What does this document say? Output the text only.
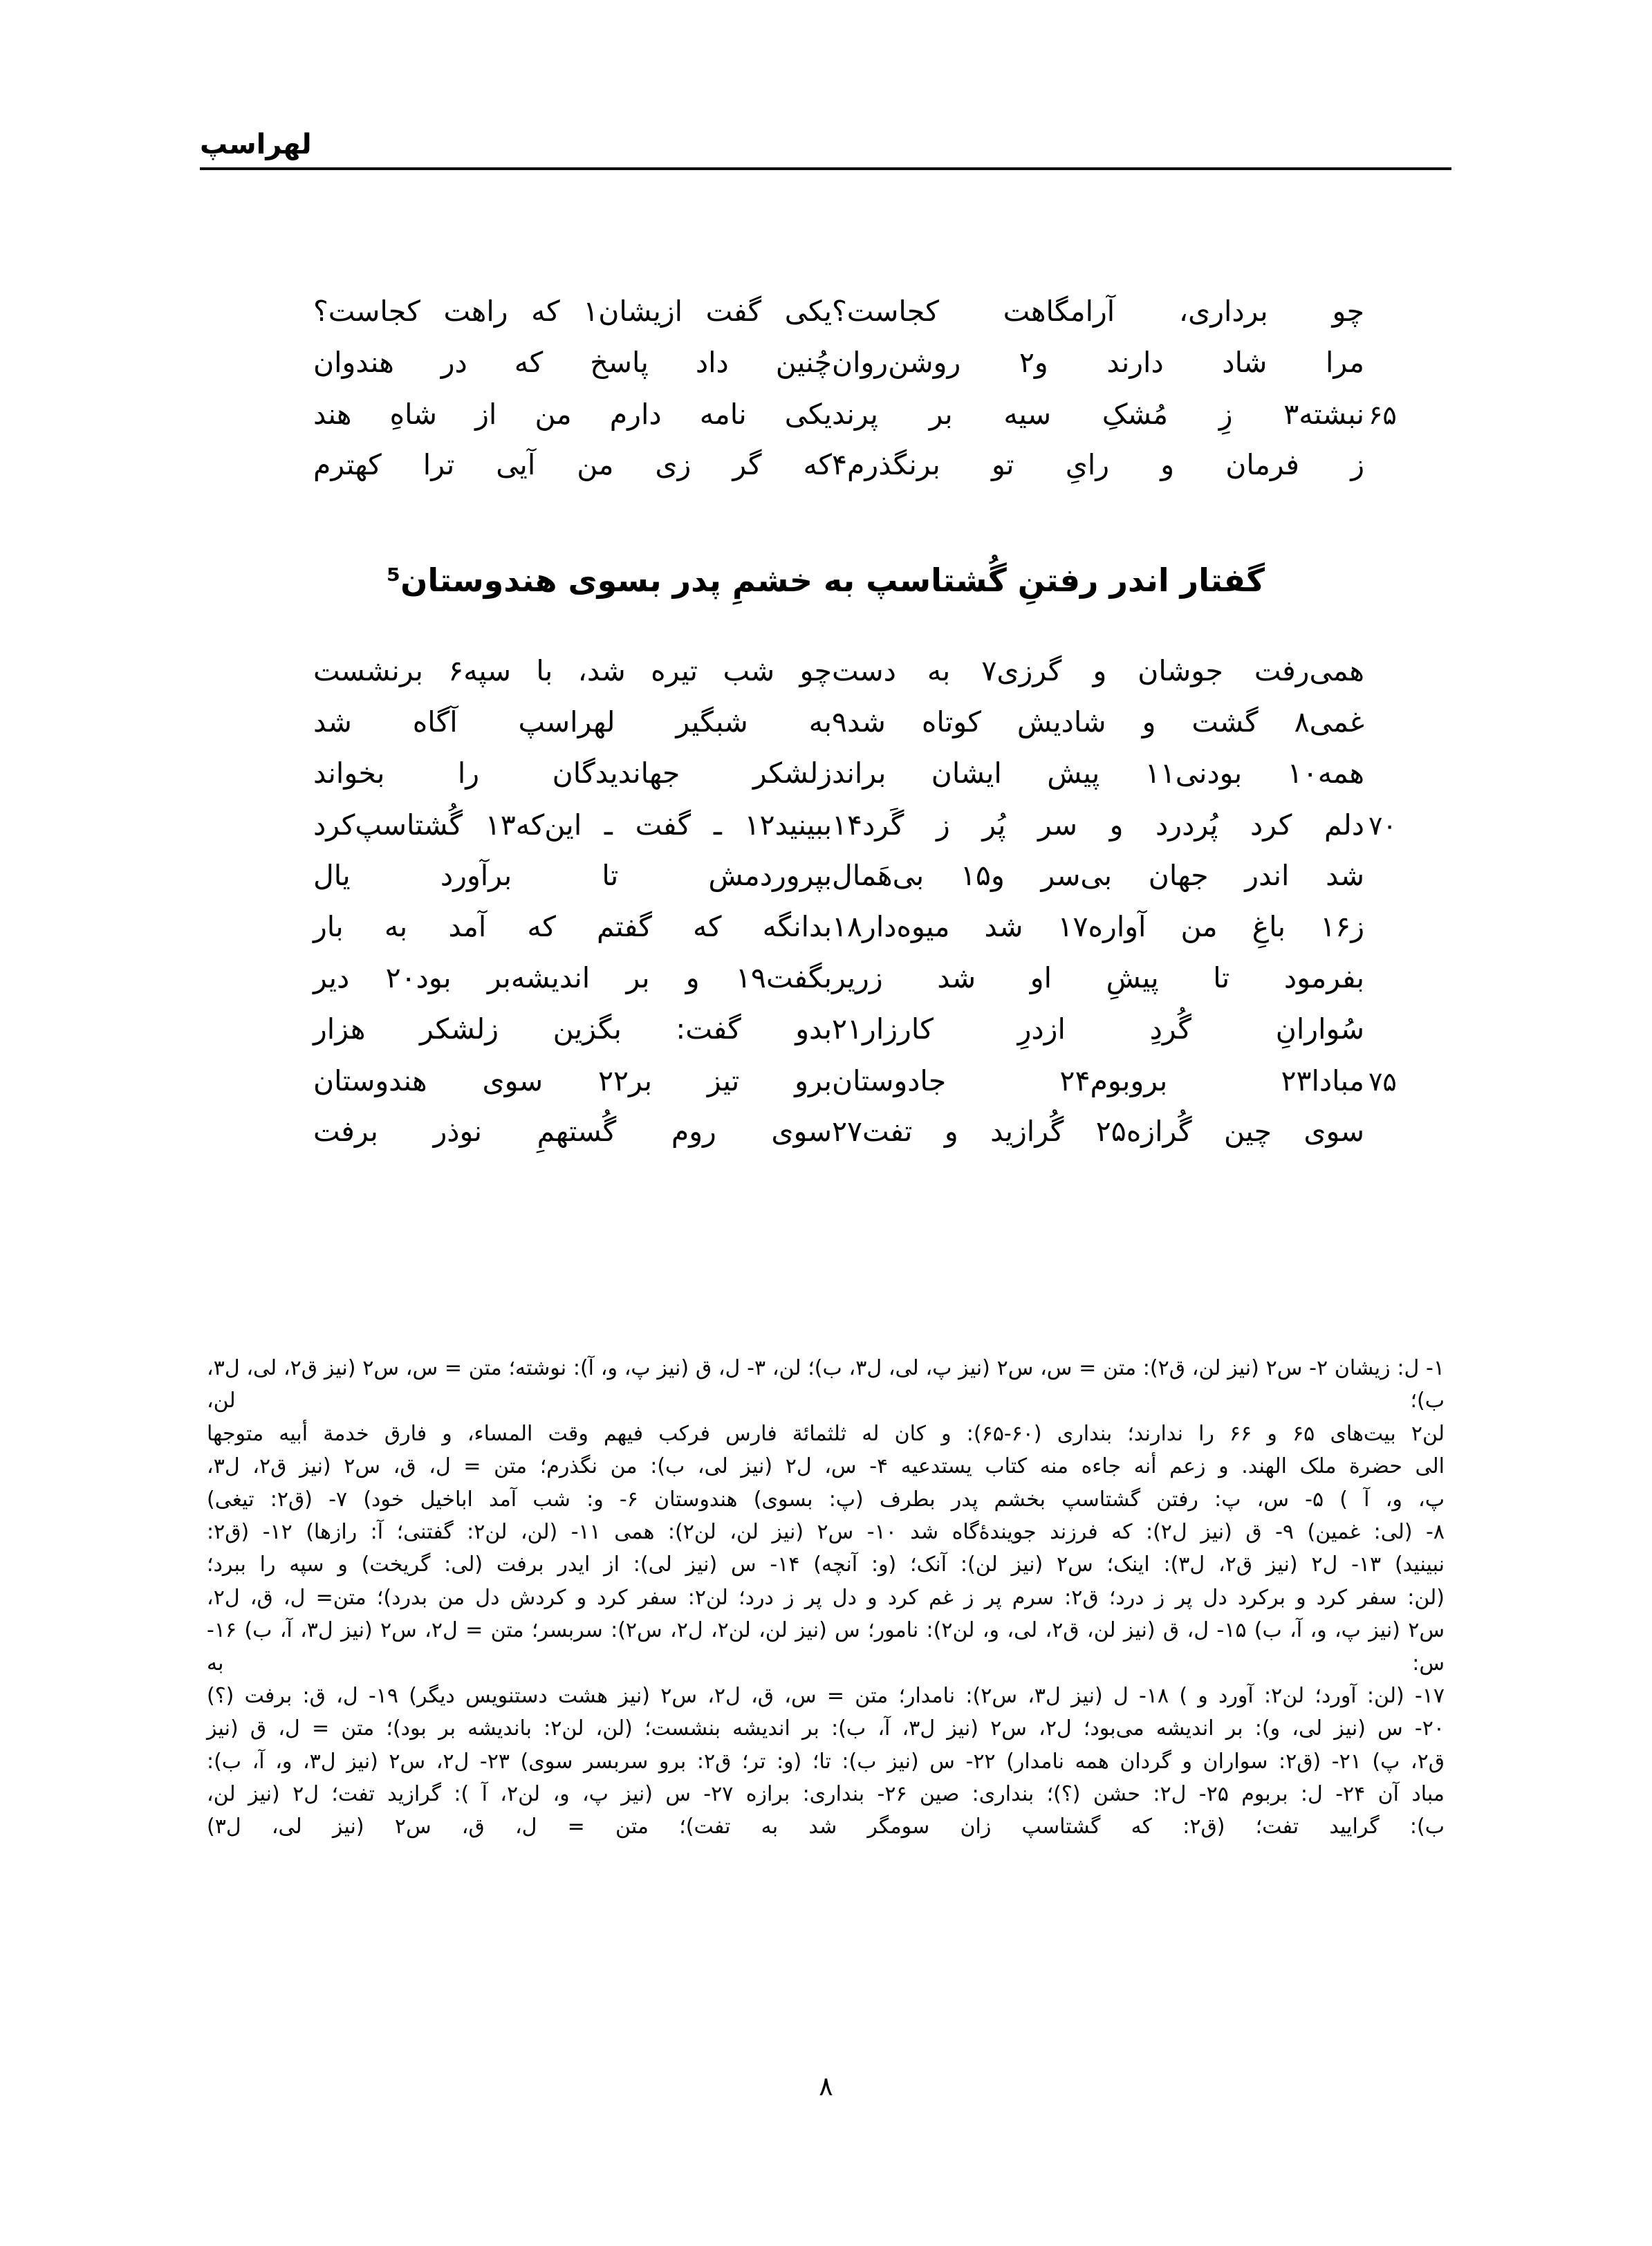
لهراسپ
چو برداری، آرامگاهت کجاست؟
یکی گفت ازیشان۱ که راهت کجاست؟
مرا شاد دارند و۲ روشن‌روان
چُنین داد پاسخ که در هندوان
۶۵
نبشته۳ زِ مُشکِ سیه بر پرند
یکی نامه دارم من از شاهِ هند
ز فرمان و رایِ تو برنگذرم۴
که گر زی من آیی ترا کهترم
گفتار اندر رفتنِ گُشتاسپ به خشمِ پدر بسوی هندوستان⁵
همی‌رفت جوشان و گرزی۷ به دست
چو شب تیره شد، با سپه۶ برنشست
غمی۸ گشت و شادیش کوتاه شد۹
به شبگیر لهراسپ آگاه شد
همه۱۰ بودنی۱۱ پیش ایشان براند
زلشکر جهاندیدگان را بخواند
۷۰
دلم کرد پُردرد و سر پُر ز گَرد۱۴
ببینید۱۲ ـ گفت ـ این‌که۱۳ گُشتاسپ‌کرد
شد اندر جهان بی‌سر و۱۵ بی‌هَمال
بپروردمش تا برآورد یال
ز۱۶ باغِ من آواره۱۷ شد میوه‌دار۱۸
بدانگه که گفتم که آمد به بار
بفرمود تا پیشِ او شد زریر
بگفت۱۹ و بر اندیشه‌بر بود۲۰ دیر
سُوارانِ گُردِ ازدرِ کارزار۲۱
بدو گفت: بگزین زلشکر هزار
۷۵
مبادا۲۳ بروبوم۲۴ جادوستان
برو تیز بر۲۲ سوی هندوستان
سوی چین گُرازه۲۵ گُرازید و تفت۲۷
سوی روم گُستهمِ نوذر برفت

۱- ل: زیشان ۲- س۲ (نیز لن، ق۲): متن = س، س۲ (نیز پ، لی، ل۳، ب)؛ لن، ۳- ل، ق (نیز پ، و، آ): نوشته؛ متن = س، س۲ (نیز ق۲، لی، ل۳، ب)؛ لن،

لن۲ بیت‌های ۶۵ و ۶۶ را ندارند؛ بنداری (۶۰-۶۵): و کان له ثلثمائة فارس فرکب فیهم وقت المساء، و فارق خدمة أبیه متوجها

الی حضرة ملک الهند. و زعم أنه جاءه منه کتاب یستدعیه ۴- س، ل۲ (نیز لی، ب): من نگذرم؛ متن = ل، ق، س۲ (نیز ق۲، ل۳،

پ، و، آ ) ۵- س، پ: رفتن گشتاسپ بخشم پدر بطرف (پ: بسوی) هندوستان ۶- و: شب آمد اباخیل خود) ۷- (ق۲: تیغی)

۸- (لی: غمین) ۹- ق (نیز ل۲): که فرزند جویندهٔ‌گاه شد ۱۰- س۲ (نیز لن، لن۲): همی ۱۱- (لن، لن۲: گفتنی؛ آ: رازها) ۱۲- (ق۲:

نبینید) ۱۳- ل۲ (نیز ق۲، ل۳): اینک؛ س۲ (نیز لن): آنک؛ (و: آنچه) ۱۴- س (نیز لی): از ایدر برفت (لی: گریخت) و سپه را ببرد؛

(لن: سفر کرد و برکرد دل پر ز درد؛ ق۲: سرم پر ز غم کرد و دل پر ز درد؛ لن۲: سفر کرد و کردش دل من بدرد)؛ متن= ل، ق، ل۲،

س۲ (نیز پ، و، آ، ب) ۱۵- ل، ق (نیز لن، ق۲، لی، و، لن۲): نامور؛ س (نیز لن، لن۲، ل۲، س۲): سربسر؛ متن = ل۲، س۲ (نیز ل۳، آ، ب) ۱۶- س: به

۱۷- (لن: آورد؛ لن۲: آورد و ) ۱۸- ل (نیز ل۳، س۲): نامدار؛ متن = س، ق، ل۲، س۲ (نیز هشت دستنویس دیگر) ۱۹- ل، ق: برفت (؟)

۲۰- س (نیز لی، و): بر اندیشه می‌بود؛ ل۲، س۲ (نیز ل۳، آ، ب): بر اندیشه بنشست؛ (لن، لن۲: باندیشه بر بود)؛ متن = ل، ق (نیز

ق۲، پ) ۲۱- (ق۲: سواران و گردان همه نامدار) ۲۲- س (نیز ب): تا؛ (و: تر؛ ق۲: برو سربسر سوی) ۲۳- ل۲، س۲ (نیز ل۳، و، آ، ب):

مباد آن ۲۴- ل: بربوم ۲۵- ل۲: حشن (؟)؛ بنداری: صین ۲۶- بنداری: برازه ۲۷- س (نیز پ، و، لن۲، آ ): گرازید تفت؛ ل۲ (نیز لن،

ب): گرایید تفت؛ (ق۲: که گشتاسپ زان سومگر شد به تفت)؛ متن = ل، ق، س۲ (نیز لی، ل۳)

۸
